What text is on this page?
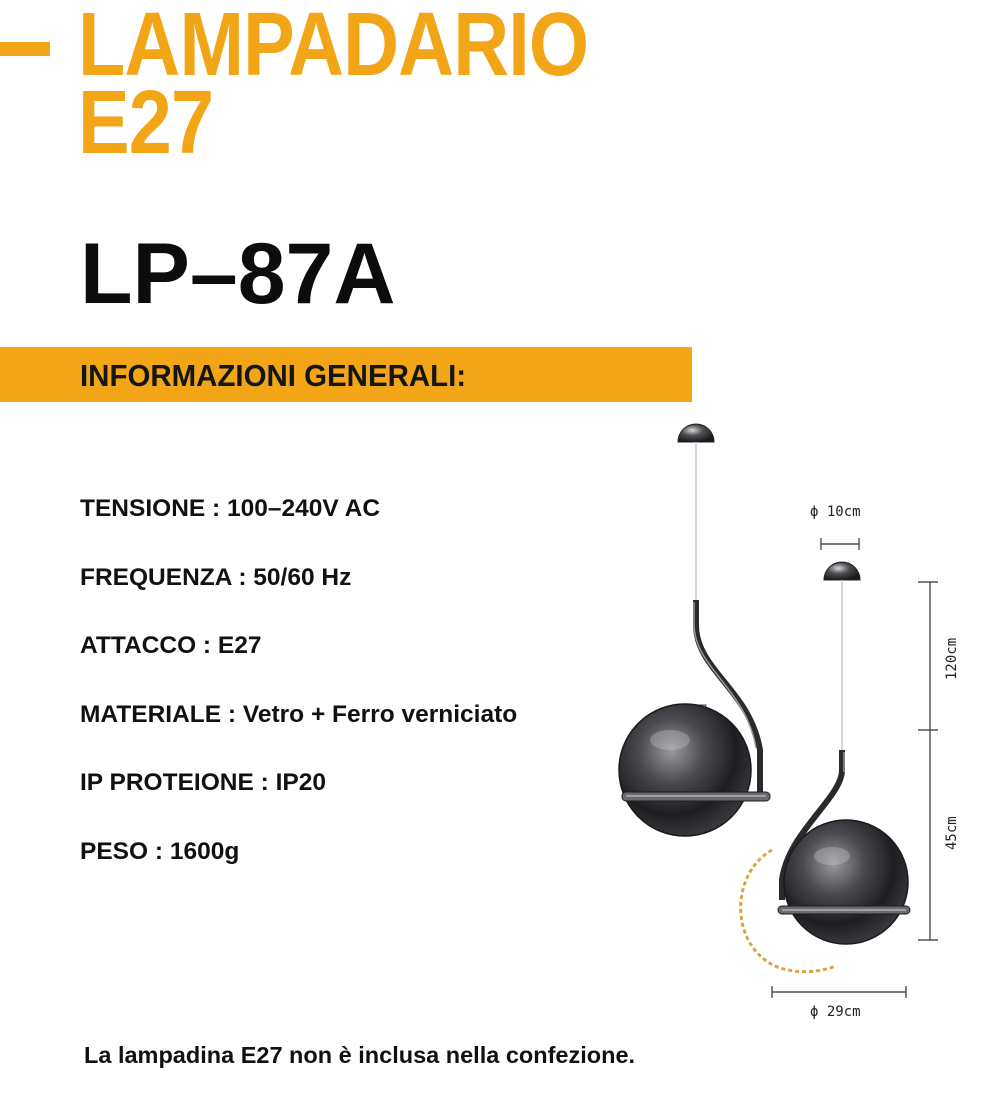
LAMPADARIO
E27
LP–87A
INFORMAZIONI GENERALI:
TENSIONE : 100–240V AC
FREQUENZA : 50/60 Hz
ATTACCO : E27
MATERIALE : Vetro + Ferro verniciato
IP PROTEIONE : IP20
PESO : 1600g
ϕ 10cm
120cm
45cm
ϕ 29cm
La lampadina E27 non è inclusa nella confezione.
